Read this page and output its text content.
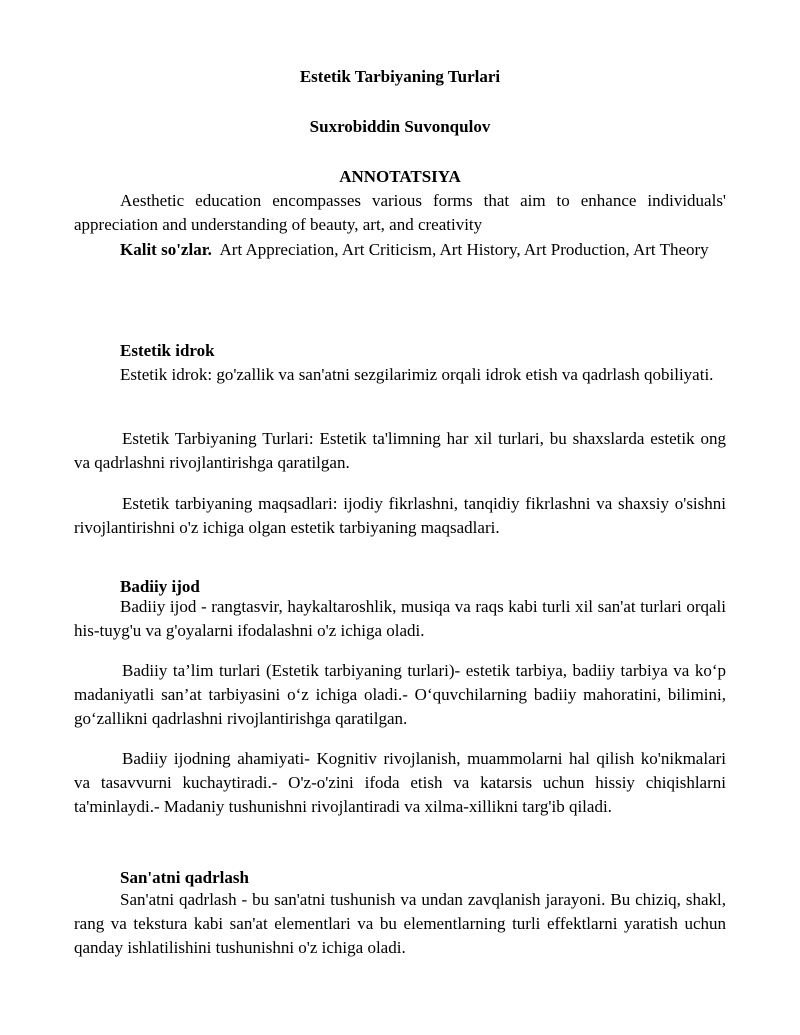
Estetik Tarbiyaning Turlari

Suxrobiddin Suvonqulov

ANNOTATSIYA

Aesthetic education encompasses various forms that aim to enhance individuals' appreciation and understanding of beauty, art, and creativity

Kalit so'zlar. Art Appreciation, Art Criticism, Art History, Art Production, Art Theory

Estetik idrok

Estetik idrok: go'zallik va san'atni sezgilarimiz orqali idrok etish va qadrlash qobiliyati.

Estetik Tarbiyaning Turlari: Estetik ta'limning har xil turlari, bu shaxslarda estetik ong va qadrlashni rivojlantirishga qaratilgan.

Estetik tarbiyaning maqsadlari: ijodiy fikrlashni, tanqidiy fikrlashni va shaxsiy o'sishni rivojlantirishni o'z ichiga olgan estetik tarbiyaning maqsadlari.

Badiiy ijod

Badiiy ijod - rangtasvir, haykaltaroshlik, musiqa va raqs kabi turli xil san'at turlari orqali his-tuyg'u va g'oyalarni ifodalashni o'z ichiga oladi.

Badiiy ta’lim turlari (Estetik tarbiyaning turlari)- estetik tarbiya, badiiy tarbiya va ko‘p madaniyatli san’at tarbiyasini o‘z ichiga oladi.- O‘quvchilarning badiiy mahoratini, bilimini, go‘zallikni qadrlashni rivojlantirishga qaratilgan.

Badiiy ijodning ahamiyati- Kognitiv rivojlanish, muammolarni hal qilish ko'nikmalari va tasavvurni kuchaytiradi.- O'z-o'zini ifoda etish va katarsis uchun hissiy chiqishlarni ta'minlaydi.- Madaniy tushunishni rivojlantiradi va xilma-xillikni targ'ib qiladi.

San'atni qadrlash

San'atni qadrlash - bu san'atni tushunish va undan zavqlanish jarayoni. Bu chiziq, shakl, rang va tekstura kabi san'at elementlari va bu elementlarning turli effektlarni yaratish uchun qanday ishlatilishini tushunishni o'z ichiga oladi.
